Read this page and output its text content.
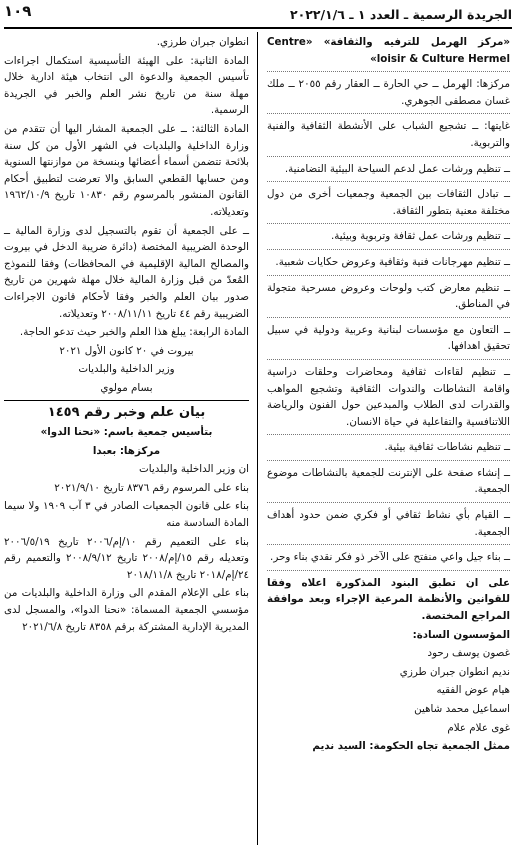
الجريدة الرسمية ـ العدد ١ ـ ٢٠٢٢/١/٦
١٠٩

«مركز الهرمل للترفيه والثقافة» «Centre loisir & Culture Hermel»

مركزها: الهرمل ــ حي الحارة ــ العقار رقم ٢٠٥٥ ــ ملك غسان مصطفى الجوهري.

غايتها: ــ تشجيع الشباب على الأنشطة الثقافية والفنية والتربوية.

ــ تنظيم ورشات عمل لدعم السياحة البيئية التضامنية.

ــ تبادل الثقافات بين الجمعية وجمعيات أخرى من دول مختلفة معنية بتطور الثقافة.

ــ تنظيم ورشات عمل ثقافة وتربوية وبيئية.

ــ تنظيم مهرجانات فنية وثقافية وعروض حكايات شعبية.

ــ تنظيم معارض كتب ولوحات وعروض مسرحية متجولة في المناطق.

ــ التعاون مع مؤسسات لبنانية وعربية ودولية في سبيل تحقيق اهدافها.

ــ تنظيم لقاءات ثقافية ومحاضرات وحلقات دراسية واقامة النشاطات والندوات الثقافية وتشجيع المواهب والقدرات لدى الطلاب والمبدعين حول الفنون والرياضة اللاتنافسية والتفاعلية في حياة الانسان.

ــ تنظيم نشاطات ثقافية بيئية.

ــ إنشاء صفحة على الإنترنت للجمعية بالنشاطات موضوع الجمعية.

ــ القيام بأي نشاط ثقافي أو فكري ضمن حدود أهداف الجمعية.

ــ بناء جيل واعي منفتح على الآخر ذو فكر نقدي بناء وحر.

على ان تطبق البنود المذكورة اعلاه وفقا للقوانين والأنظمة المرعية الإجراء وبعد موافقة المراجع المختصة.

المؤسسون السادة:

غصون يوسف رحود

نديم انطوان جبران طرزي

هيام عوض الفقيه

اسماعيل محمد شاهين

غوى علام علام

ممثل الجمعية تجاه الحكومة: السيد نديم

انطوان جبران طرزي.

المادة الثانية: على الهيئة التأسيسية استكمال اجراءات تأسيس الجمعية والدعوة الى انتخاب هيئة ادارية خلال مهلة سنة من تاريخ نشر العلم والخبر في الجريدة الرسمية.

المادة الثالثة: ــ على الجمعية المشار اليها أن تتقدم من وزارة الداخلية والبلديات في الشهر الأول من كل سنة بلائحة تتضمن أسماء أعضائها وبنسخة من موازنتها السنوية ومن حسابها القطعي السابق والا تعرضت لتطبيق أحكام القانون المنشور بالمرسوم رقم ١٠٨٣٠ تاريخ ١٩٦٢/١٠/٩ وتعديلاته.

ــ على الجمعية أن تقوم بالتسجيل لدى وزارة المالية ــ الوحدة الضريبية المختصة (دائرة ضريبة الدخل في بيروت والمصالح المالية الإقليمية في المحافظات) وفقا للنموذج المُعدّ من قبل وزارة المالية خلال مهلة شهرين من تاريخ صدور بيان العلم والخبر وفقا لأحكام قانون الاجراءات الضريبية رقم ٤٤ تاريخ ٢٠٠٨/١١/١١ وتعديلاته.

المادة الرابعة: يبلغ هذا العلم والخبر حيث تدعو الحاجة.

بيروت في ٢٠ كانون الأول ٢٠٢١

وزير الداخلية والبلديات

بسام مولوي

بيان علم وخبر رقم ١٤٥٩

بتأسيس جمعية باسم: «نحنا الدوا»

مركزها: بعبدا

ان وزير الداخلية والبلديات

بناء على المرسوم رقم ٨٣٧٦ تاريخ ٢٠٢١/٩/١٠

بناء على قانون الجمعيات الصادر في ٣ آب ١٩٠٩ ولا سيما المادة السادسة منه

بناء على التعميم رقم ١٠/إم/٢٠٠٦ تاريخ ٢٠٠٦/٥/١٩ وتعديله رقم ١٥/إم/٢٠٠٨ تاريخ ٢٠٠٨/٩/١٢ والتعميم رقم ٢٤/إم/٢٠١٨ تاريخ ٢٠١٨/١١/٨

بناء على الإعلام المقدم الى وزارة الداخلية والبلديات من مؤسسي الجمعية المسماة: «نحنا الدوا»، والمسجل لدى المديرية الإدارية المشتركة برقم ٨٣٥٨ تاريخ ٢٠٢١/٦/٨
